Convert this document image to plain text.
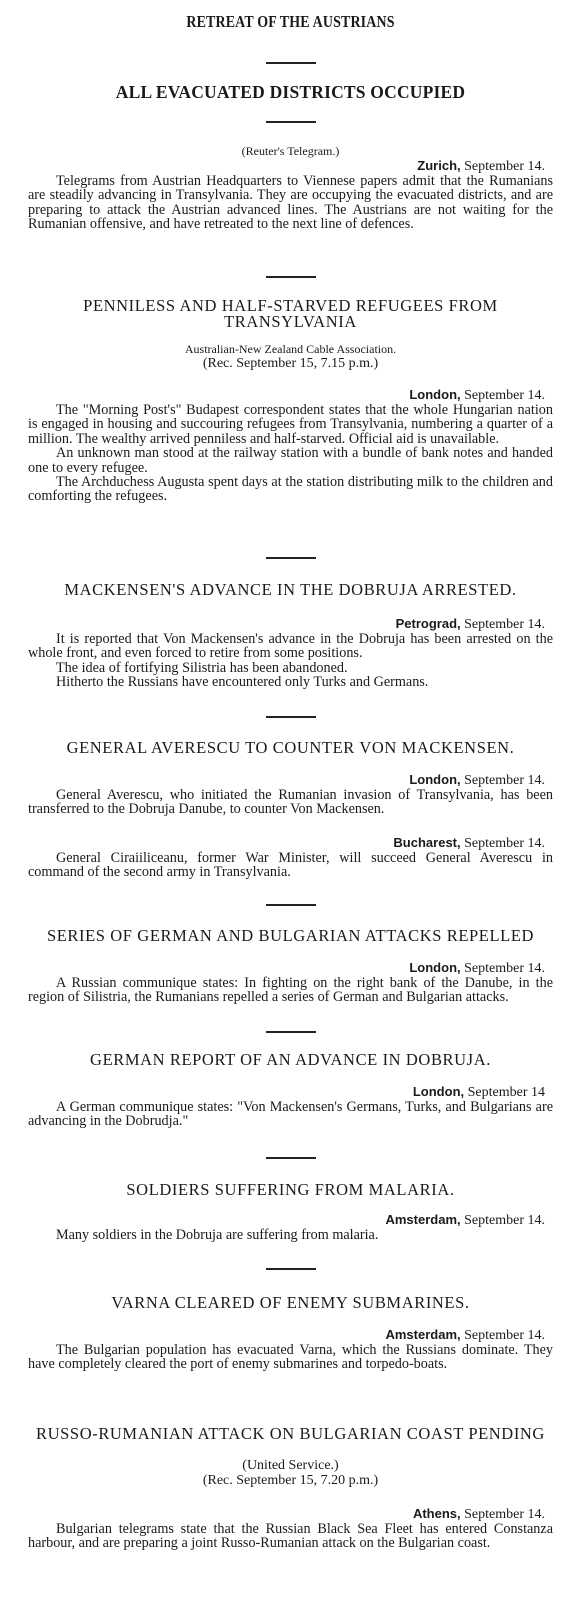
RETREAT OF THE AUSTRIANS
ALL EVACUATED DISTRICTS OCCUPIED
(Reuter's Telegram.)
Zurich, September 14.

Telegrams from Austrian Headquarters to Viennese papers admit that the Rumanians are steadily advancing in Transylvania. They are occupying the evacuated districts, and are preparing to attack the Austrian advanced lines. The Austrians are not waiting for the Rumanian offensive, and have retreated to the next line of defences.

PENNILESS AND HALF-STARVED REFUGEES FROM TRANSYLVANIA
Australian-New Zealand Cable Association.
(Rec. September 15, 7.15 p.m.)
London, September 14.

The "Morning Post's" Budapest correspondent states that the whole Hungarian nation is engaged in housing and succouring refugees from Transylvania, numbering a quarter of a million. The wealthy arrived penniless and half-starved. Official aid is unavailable.

An unknown man stood at the railway station with a bundle of bank notes and handed one to every refugee.

The Archduchess Augusta spent days at the station distributing milk to the children and comforting the refugees.

MACKENSEN'S ADVANCE IN THE DOBRUJA ARRESTED.
Petrograd, September 14.

It is reported that Von Mackensen's advance in the Dobruja has been arrested on the whole front, and even forced to retire from some positions.

The idea of fortifying Silistria has been abandoned.

Hitherto the Russians have encountered only Turks and Germans.

GENERAL AVERESCU TO COUNTER VON MACKENSEN.
London, September 14.

General Averescu, who initiated the Rumanian invasion of Transylvania, has been transferred to the Dobruja Danube, to counter Von Mackensen.

Bucharest, September 14.

General Ciraiiliceanu, former War Minister, will succeed General Averescu in command of the second army in Transylvania.

SERIES OF GERMAN AND BULGARIAN ATTACKS REPELLED
London, September 14.

A Russian communique states: In fighting on the right bank of the Danube, in the region of Silistria, the Rumanians repelled a series of German and Bulgarian attacks.

GERMAN REPORT OF AN ADVANCE IN DOBRUJA.
London, September 14

A German communique states: "Von Mackensen's Germans, Turks, and Bulgarians are advancing in the Dobrudja."

SOLDIERS SUFFERING FROM MALARIA.
Amsterdam, September 14.

Many soldiers in the Dobruja are suffering from malaria.

VARNA CLEARED OF ENEMY SUBMARINES.
Amsterdam, September 14.

The Bulgarian population has evacuated Varna, which the Russians dominate. They have completely cleared the port of enemy submarines and torpedo-boats.

RUSSO-RUMANIAN ATTACK ON BULGARIAN COAST PENDING
(United Service.)
(Rec. September 15, 7.20 p.m.)
Athens, September 14.

Bulgarian telegrams state that the Russian Black Sea Fleet has entered Constanza harbour, and are preparing a joint Russo-Rumanian attack on the Bulgarian coast.
